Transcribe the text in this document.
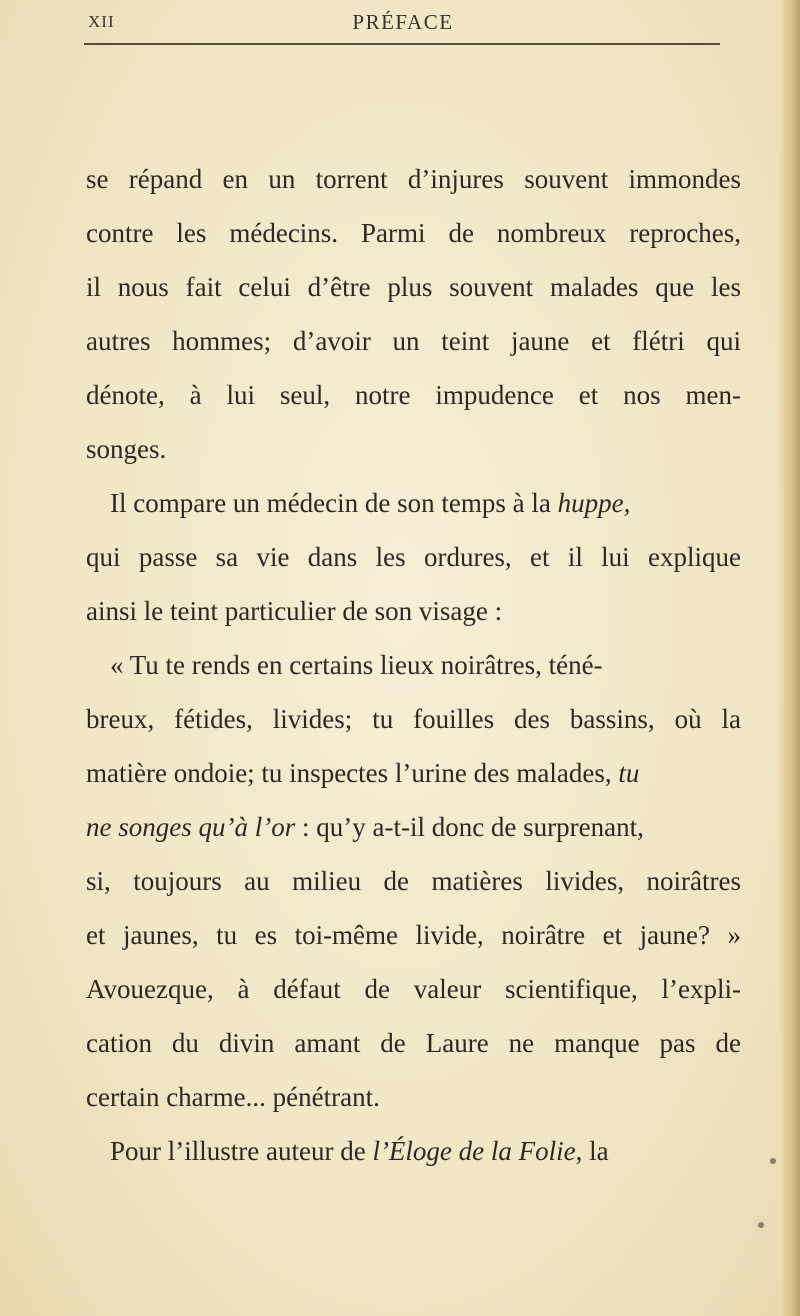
XII	PRÉFACE
se répand en un torrent d’injures souvent immondes
contre les médecins. Parmi de nombreux reproches,
il nous fait celui d’être plus souvent malades que les
autres hommes; d’avoir un teint jaune et flétri qui
dénote, à lui seul, notre impudence et nos men-
songes.
Il compare un médecin de son temps à la huppe,
qui passe sa vie dans les ordures, et il lui explique
ainsi le teint particulier de son visage :
« Tu te rends en certains lieux noirâtres, téné-
breux, fétides, livides; tu fouilles des bassins, où la
matière ondoie; tu inspectes l’urine des malades, tu
ne songes qu’à l’or : qu’y a-t-il donc de surprenant,
si, toujours au milieu de matières livides, noirâtres
et jaunes, tu es toi-même livide, noirâtre et jaune? »
Avouezque, à défaut de valeur scientifique, l’expli-
cation du divin amant de Laure ne manque pas de
certain charme... pénétrant.
Pour l’illustre auteur de l’Éloge de la Folie, la
